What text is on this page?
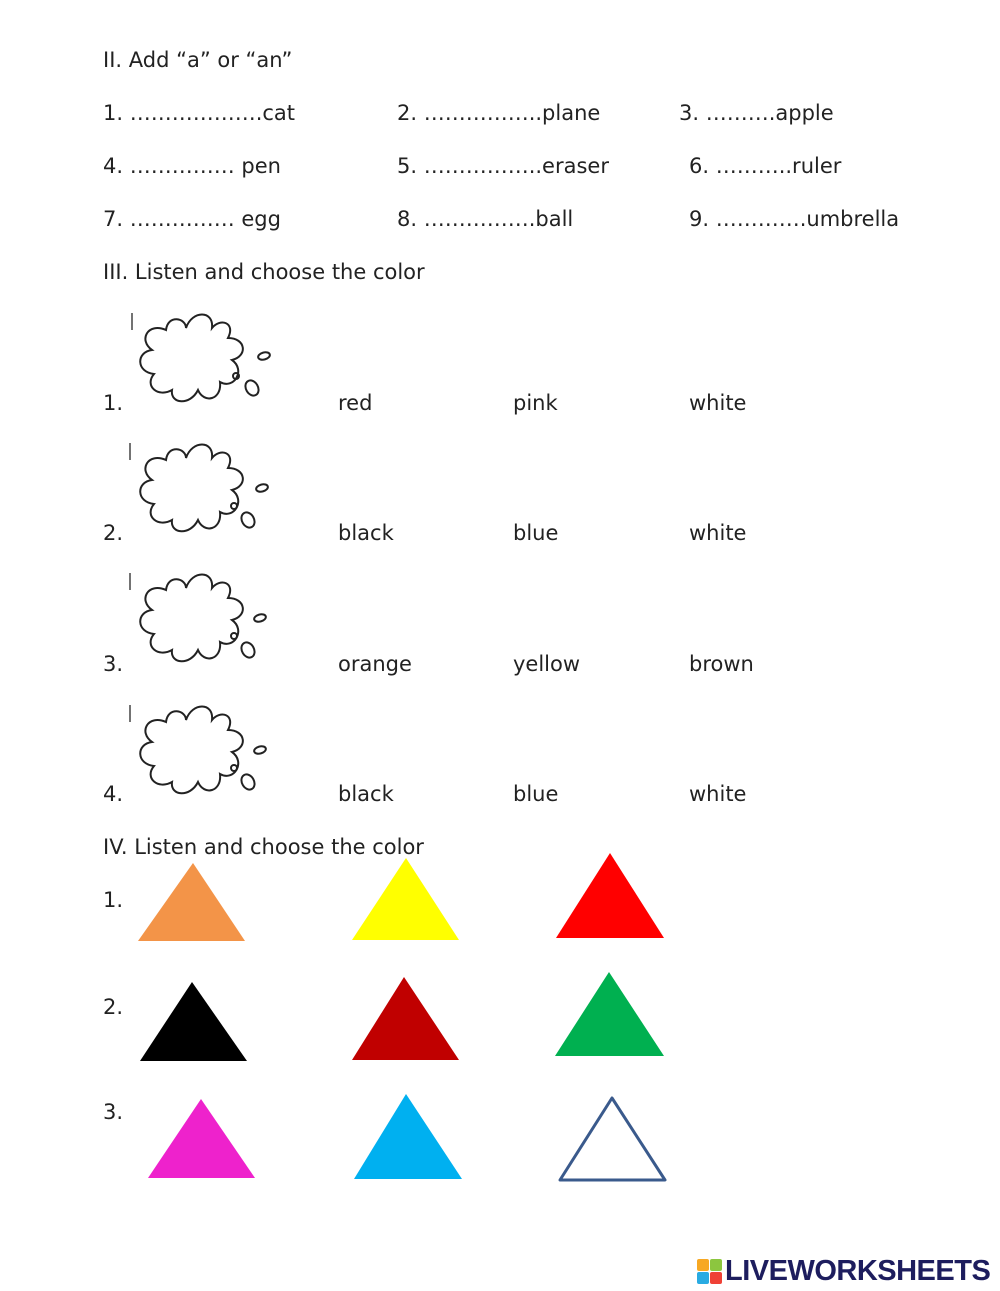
II. Add “a” or “an”
1. ……………….cat	2. ……………..plane	3. ……….apple
4. …………… pen	5. ……………..eraser	6. ………..ruler
7. …………… egg	8. …………….ball	9. ………….umbrella
III. Listen and choose the color
1.	red	pink	white
2.	black	blue	white
3.	orange	yellow	brown
4.	black	blue	white
IV. Listen and choose the color
1.
2.
3.
LIVEWORKSHEETS
